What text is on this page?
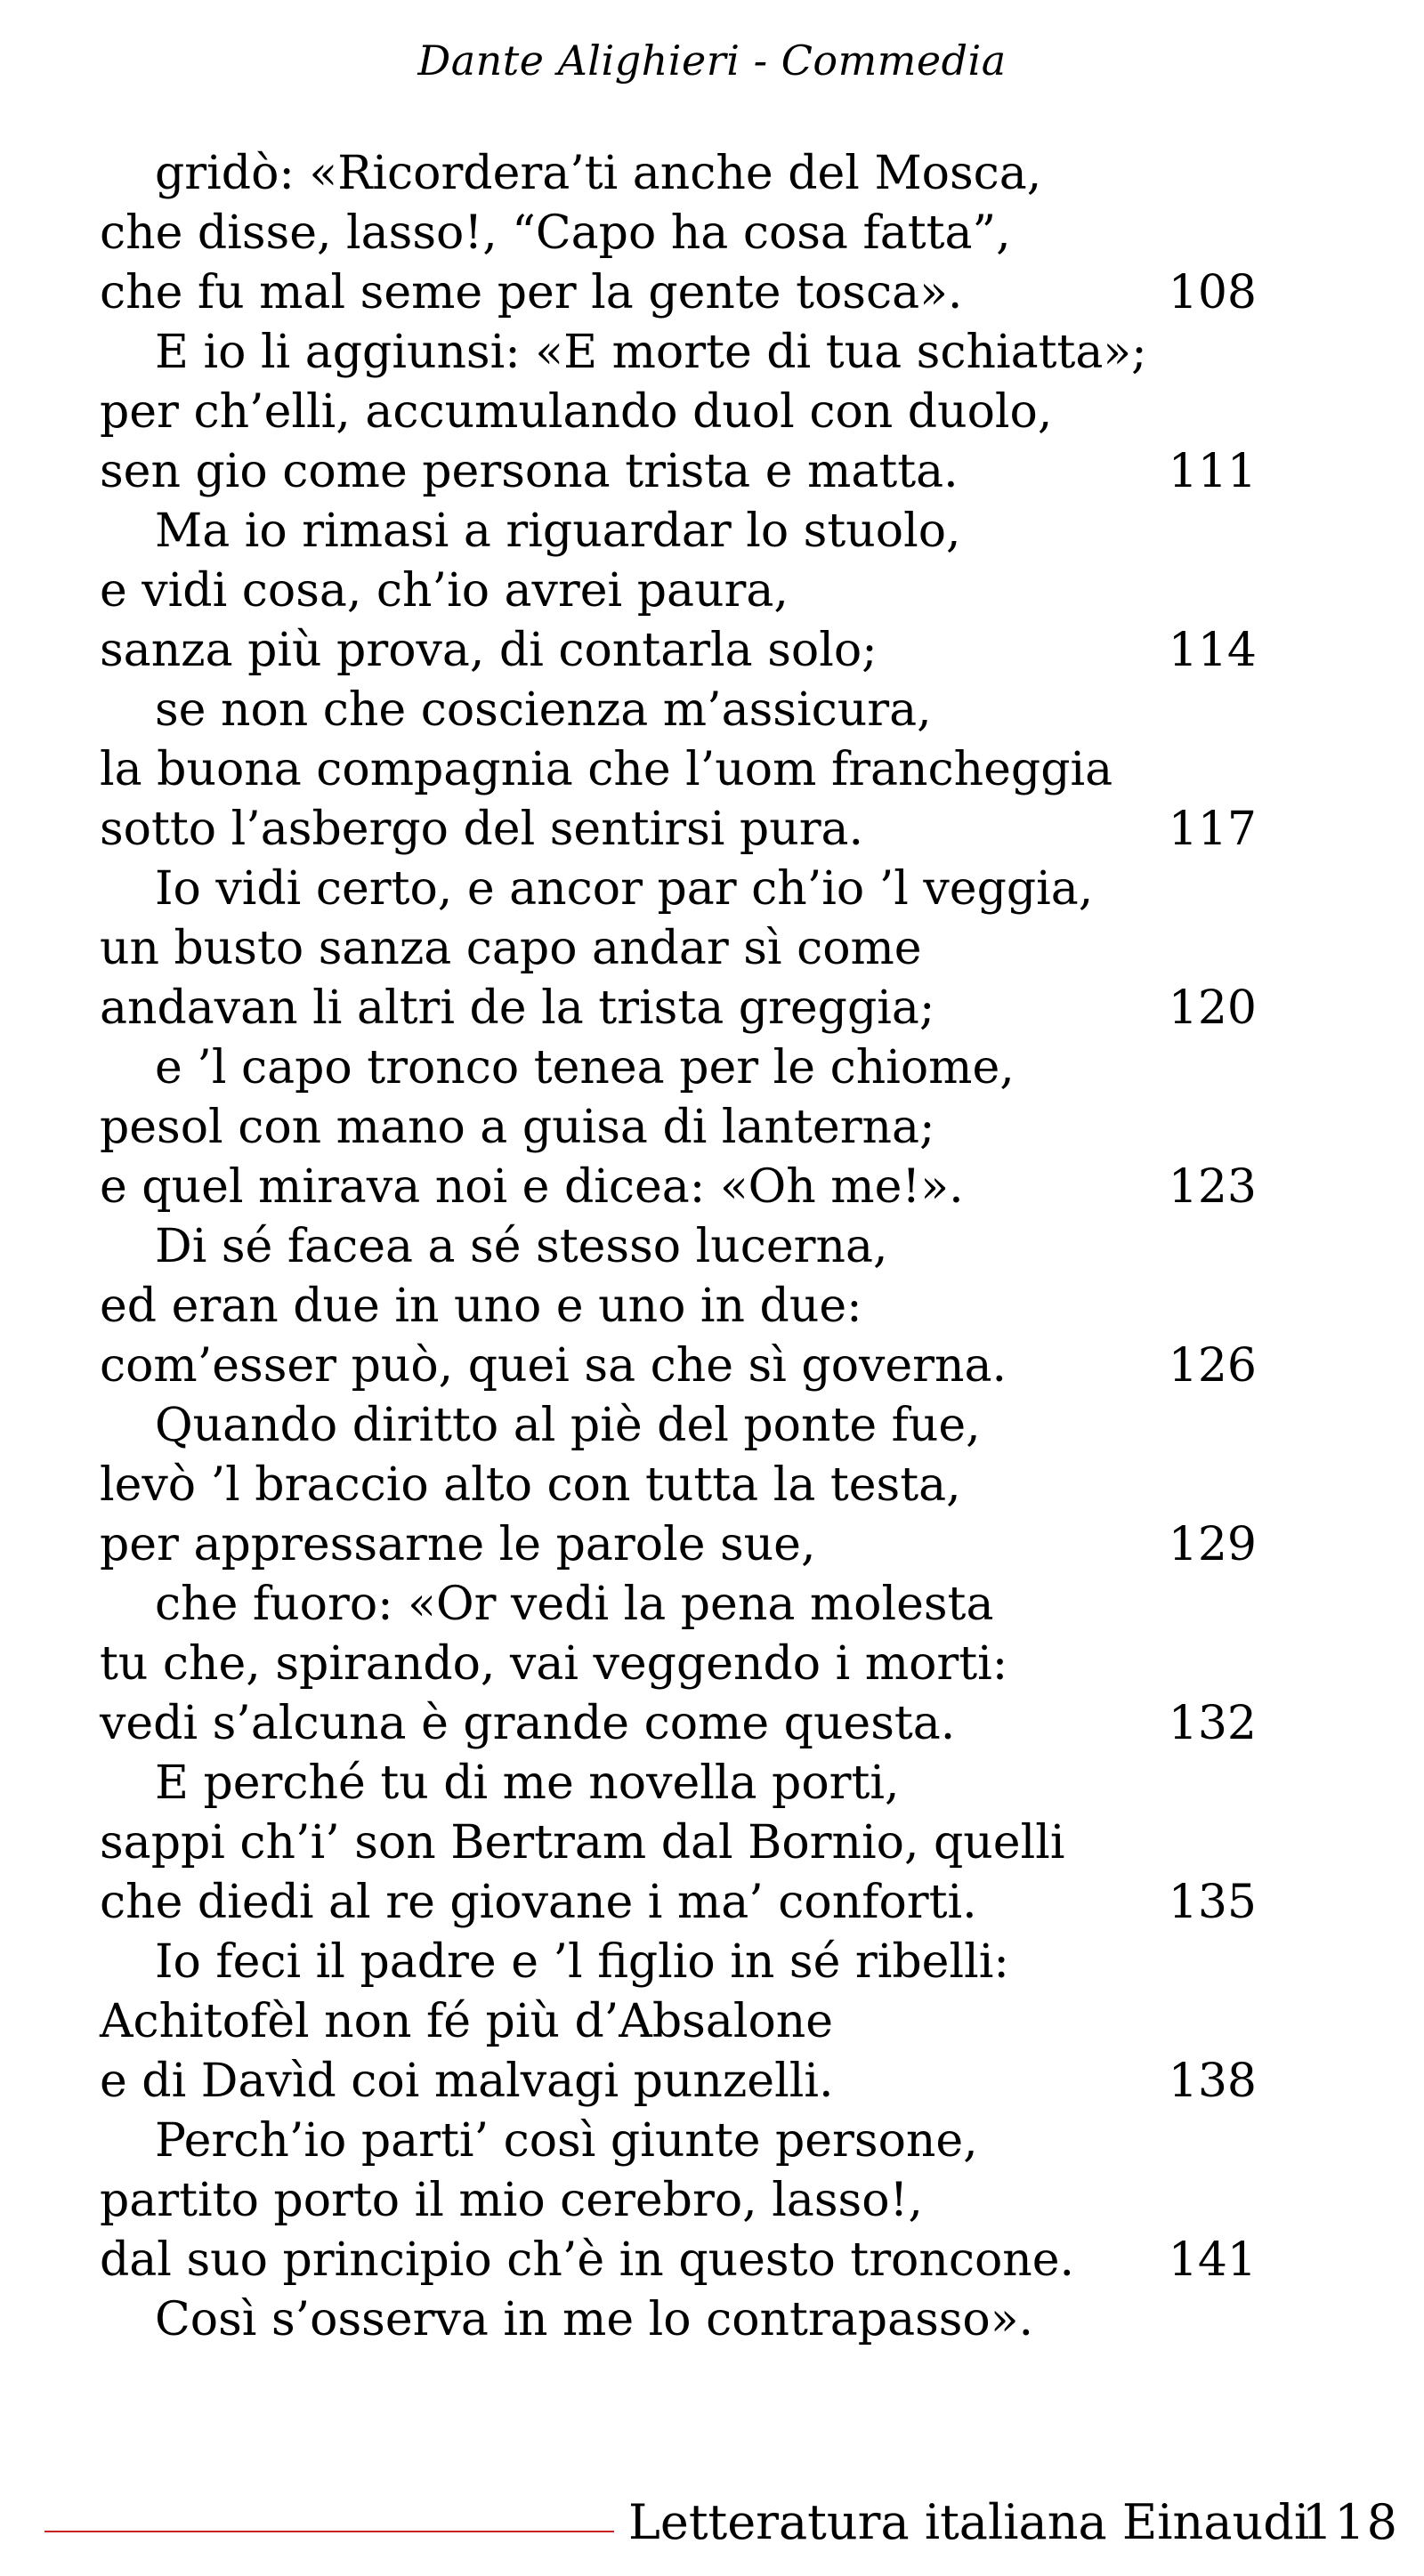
Dante Alighieri - Commedia
gridò: «Ricordera’ti anche del Mosca,
che disse, lasso!, “Capo ha cosa fatta”,
che fu mal seme per la gente tosca».	108
E io li aggiunsi: «E morte di tua schiatta»;
per ch’elli, accumulando duol con duolo,
sen gio come persona trista e matta.	111
Ma io rimasi a riguardar lo stuolo,
e vidi cosa, ch’io avrei paura,
sanza più prova, di contarla solo;	114
se non che coscienza m’assicura,
la buona compagnia che l’uom francheggia
sotto l’asbergo del sentirsi pura.	117
Io vidi certo, e ancor par ch’io ’l veggia,
un busto sanza capo andar sì come
andavan li altri de la trista greggia;	120
e ’l capo tronco tenea per le chiome,
pesol con mano a guisa di lanterna;
e quel mirava noi e dicea: «Oh me!».	123
Di sé facea a sé stesso lucerna,
ed eran due in uno e uno in due:
com’esser può, quei sa che sì governa.	126
Quando diritto al piè del ponte fue,
levò ’l braccio alto con tutta la testa,
per appressarne le parole sue,	129
che fuoro: «Or vedi la pena molesta
tu che, spirando, vai veggendo i morti:
vedi s’alcuna è grande come questa.	132
E perché tu di me novella porti,
sappi ch’i’ son Bertram dal Bornio, quelli
che diedi al re giovane i ma’ conforti.	135
Io feci il padre e ’l figlio in sé ribelli:
Achitofèl non fé più d’Absalone
e di Davìd coi malvagi punzelli.	138
Perch’io parti’ così giunte persone,
partito porto il mio cerebro, lasso!,
dal suo principio ch’è in questo troncone.	141
Così s’osserva in me lo contrapasso».
Letteratura italiana Einaudi
118
